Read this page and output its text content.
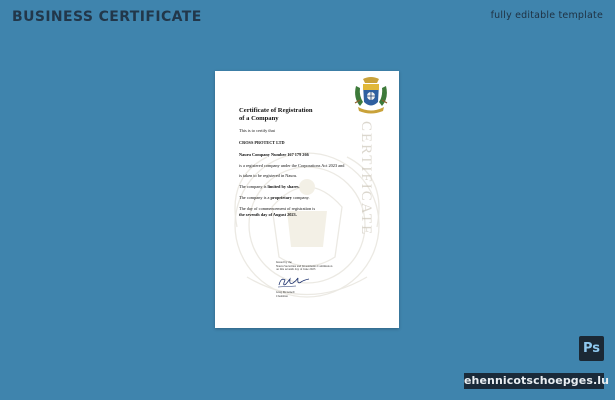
BUSINESS CERTIFICATE	fully editable template
CERTIFICATE
Certificate of Registration
of a Company
This is to certify that
CROSS PROTECT LTD
Nauru Company Number 167 179 266
is a registered company under the Corporations Act 2023 and
is taken to be registered in Nauru.
The company is limited by shares.
The company is a proprietary company.
The day of commencement of registration is
the seventh day of August 2023.
Issued by the
Nauru Securities and Investments Commission
on this seventh day of June 2023
Greg McArnell
Chairman
Ps
ehennicotschoepges.lu
